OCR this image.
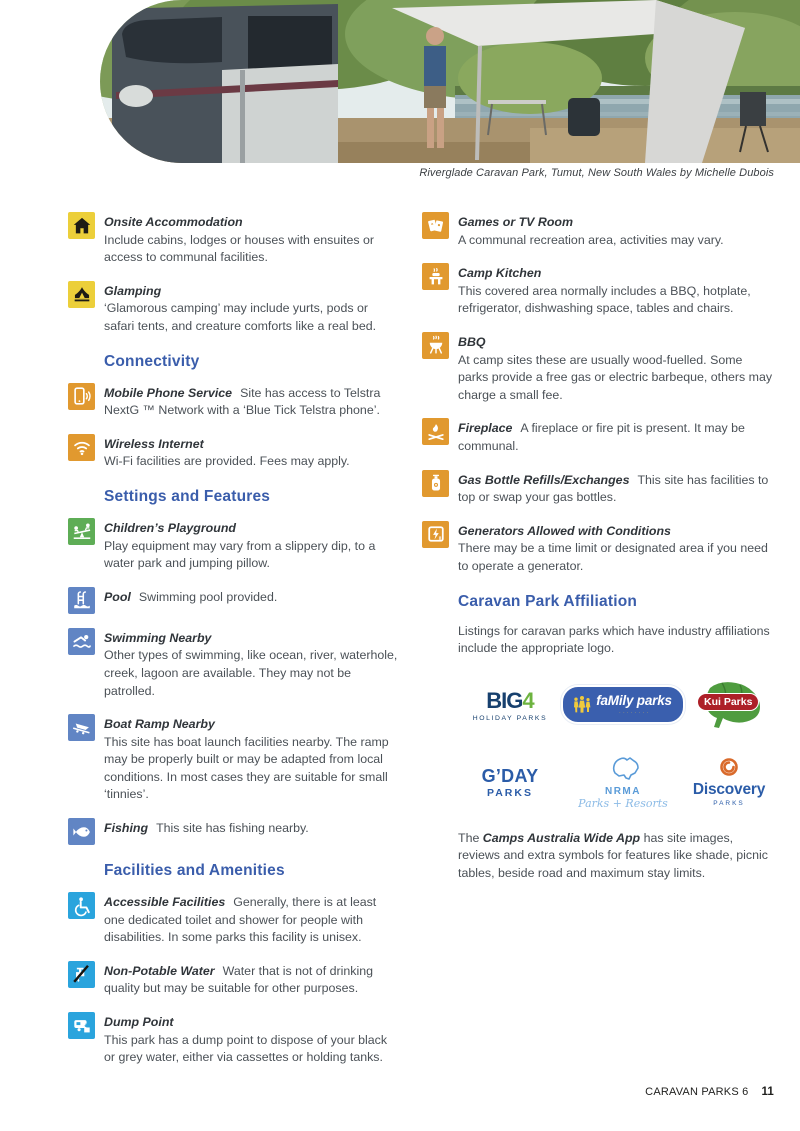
Riverglade Caravan Park, Tumut, New South Wales by Michelle Dubois
Onsite Accommodation
Include cabins, lodges or houses with ensuites or access to communal facilities.
Glamping
‘Glamorous camping’ may include yurts, pods or safari tents, and creature comforts like a real bed.
Connectivity
Mobile Phone Service Site has access to Telstra NextG ™ Network with a ‘Blue Tick Telstra phone’.
Wireless Internet
Wi-Fi facilities are provided. Fees may apply.
Settings and Features
Children’s Playground
Play equipment may vary from a slippery dip, to a water park and jumping pillow.
Pool Swimming pool provided.
Swimming Nearby
Other types of swimming, like ocean, river, waterhole, creek, lagoon are available. They may not be patrolled.
Boat Ramp Nearby
This site has boat launch facilities nearby. The ramp may be properly built or may be adapted from local conditions. In most cases they are suitable for small ‘tinnies’.
Fishing This site has fishing nearby.
Facilities and Amenities
Accessible Facilities Generally, there is at least one dedicated toilet and shower for people with disabilities. In some parks this facility is unisex.
Non-Potable Water Water that is not of drinking quality but may be suitable for other purposes.
Dump Point
This park has a dump point to dispose of your black or grey water, either via cassettes or holding tanks.
Games or TV Room
A communal recreation area, activities may vary.
Camp Kitchen
This covered area normally includes a BBQ, hotplate, refrigerator, dishwashing space, tables and chairs.
BBQ
At camp sites these are usually wood-fuelled. Some parks provide a free gas or electric barbeque, others may charge a small fee.
Fireplace A fireplace or fire pit is present. It may be communal.
Gas Bottle Refills/Exchanges This site has facilities to top or swap your gas bottles.
Generators Allowed with Conditions
There may be a time limit or designated area if you need to operate a generator.
Caravan Park Affiliation
Listings for caravan parks which have industry affiliations include the appropriate logo.
BIG4
HOLIDAY PARKS
faMily parks
· · · · · · · ·
Kui Parks
G’DAY
PARKS	NRMA
Parks + Resorts
Discovery
PARKS
The Camps Australia Wide App has site images, reviews and extra symbols for features like shade, picnic tables, beside road and maximum stay limits.
CARAVAN PARKS 6 11
